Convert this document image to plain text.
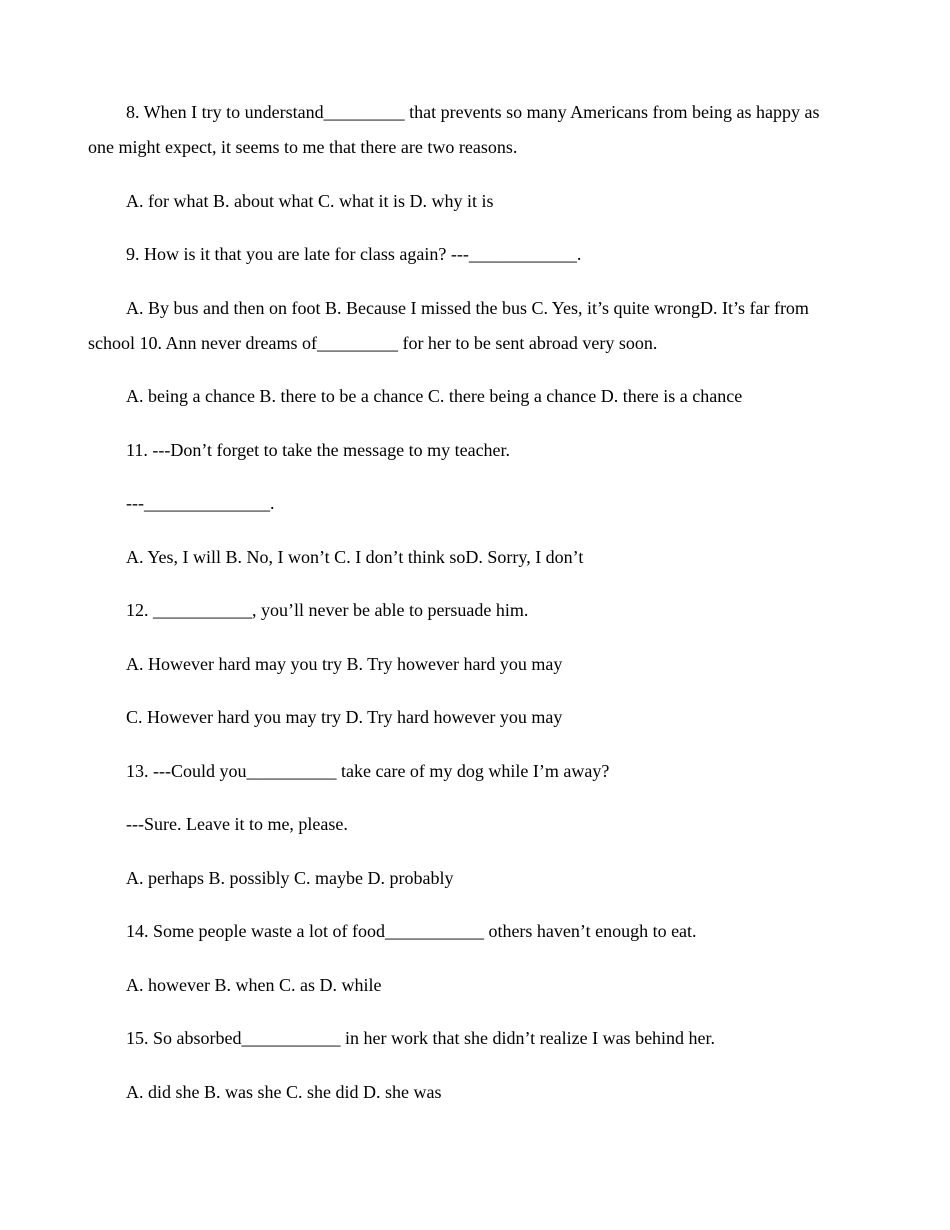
8. When I try to understand_________ that prevents so many Americans from being as happy as one might expect, it seems to me that there are two reasons.

A. for what B. about what C. what it is D. why it is

9. How is it that you are late for class again? ---____________.

A. By bus and then on foot B. Because I missed the bus C. Yes, it’s quite wrongD. It’s far from school 10. Ann never dreams of_________ for her to be sent abroad very soon.

A. being a chance B. there to be a chance C. there being a chance D. there is a chance

11. ---Don’t forget to take the message to my teacher.

---______________.

A. Yes, I will B. No, I won’t C. I don’t think soD. Sorry, I don’t

12. ___________, you’ll never be able to persuade him.

A. However hard may you try B. Try however hard you may

C. However hard you may try D. Try hard however you may

13. ---Could you__________ take care of my dog while I’m away?

---Sure. Leave it to me, please.

A. perhaps B. possibly C. maybe D. probably

14. Some people waste a lot of food___________ others haven’t enough to eat.

A. however B. when C. as D. while

15. So absorbed___________ in her work that she didn’t realize I was behind her.

A. did she B. was she C. she did D. she was
